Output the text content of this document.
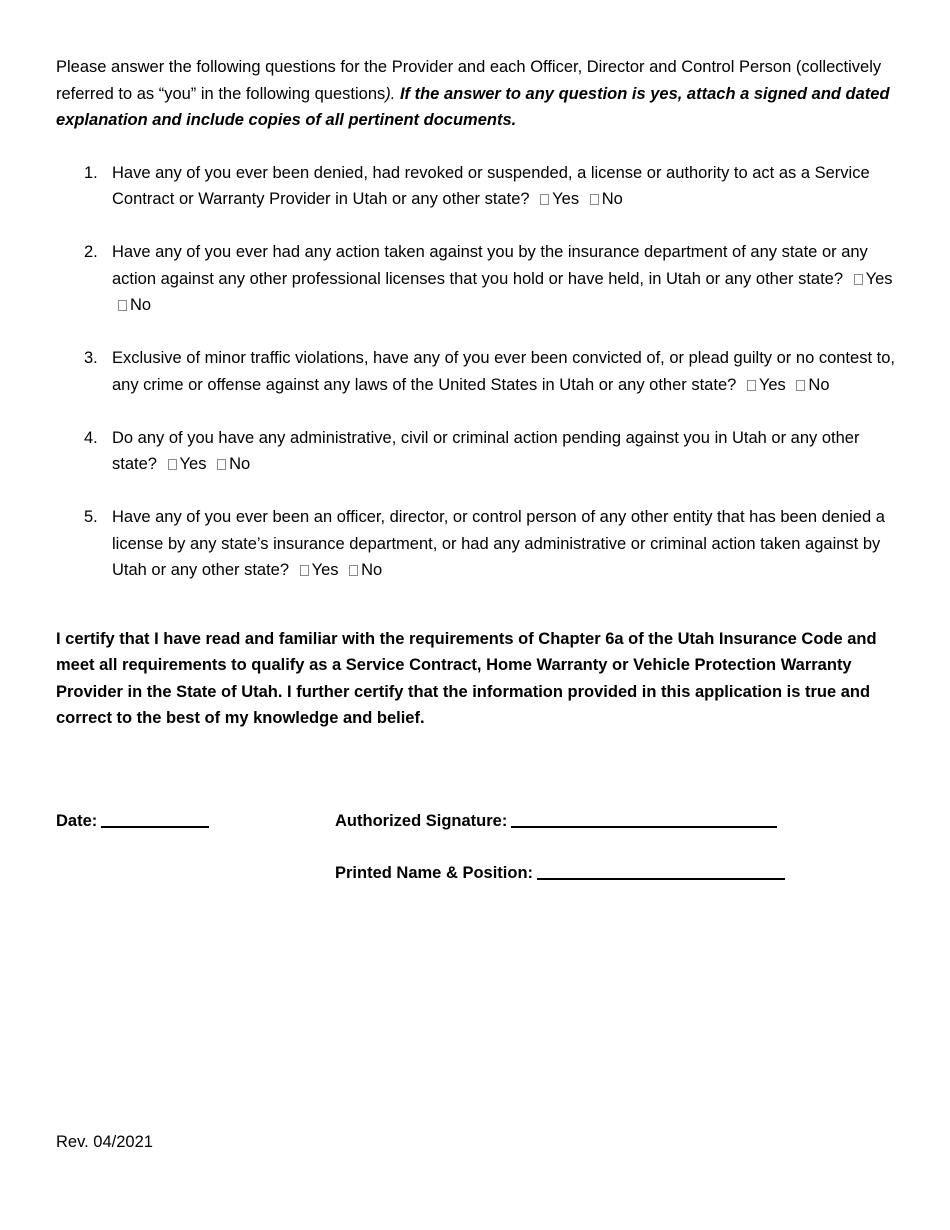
Please answer the following questions for the Provider and each Officer, Director and Control Person (collectively referred to as “you” in the following questions). If the answer to any question is yes, attach a signed and dated explanation and include copies of all pertinent documents.

1. Have any of you ever been denied, had revoked or suspended, a license or authority to act as a Service Contract or Warranty Provider in Utah or any other state? Yes No
2. Have any of you ever had any action taken against you by the insurance department of any state or any action against any other professional licenses that you hold or have held, in Utah or any other state? Yes No
3. Exclusive of minor traffic violations, have any of you ever been convicted of, or plead guilty or no contest to, any crime or offense against any laws of the United States in Utah or any other state? Yes No
4. Do any of you have any administrative, civil or criminal action pending against you in Utah or any other state? Yes No
5. Have any of you ever been an officer, director, or control person of any other entity that has been denied a license by any state’s insurance department, or had any administrative or criminal action taken against by Utah or any other state? Yes No

I certify that I have read and familiar with the requirements of Chapter 6a of the Utah Insurance Code and meet all requirements to qualify as a Service Contract, Home Warranty or Vehicle Protection Warranty Provider in the State of Utah. I further certify that the information provided in this application is true and correct to the best of my knowledge and belief.

Date:	Authorized Signature:
Printed Name & Position:
Rev. 04/2021
